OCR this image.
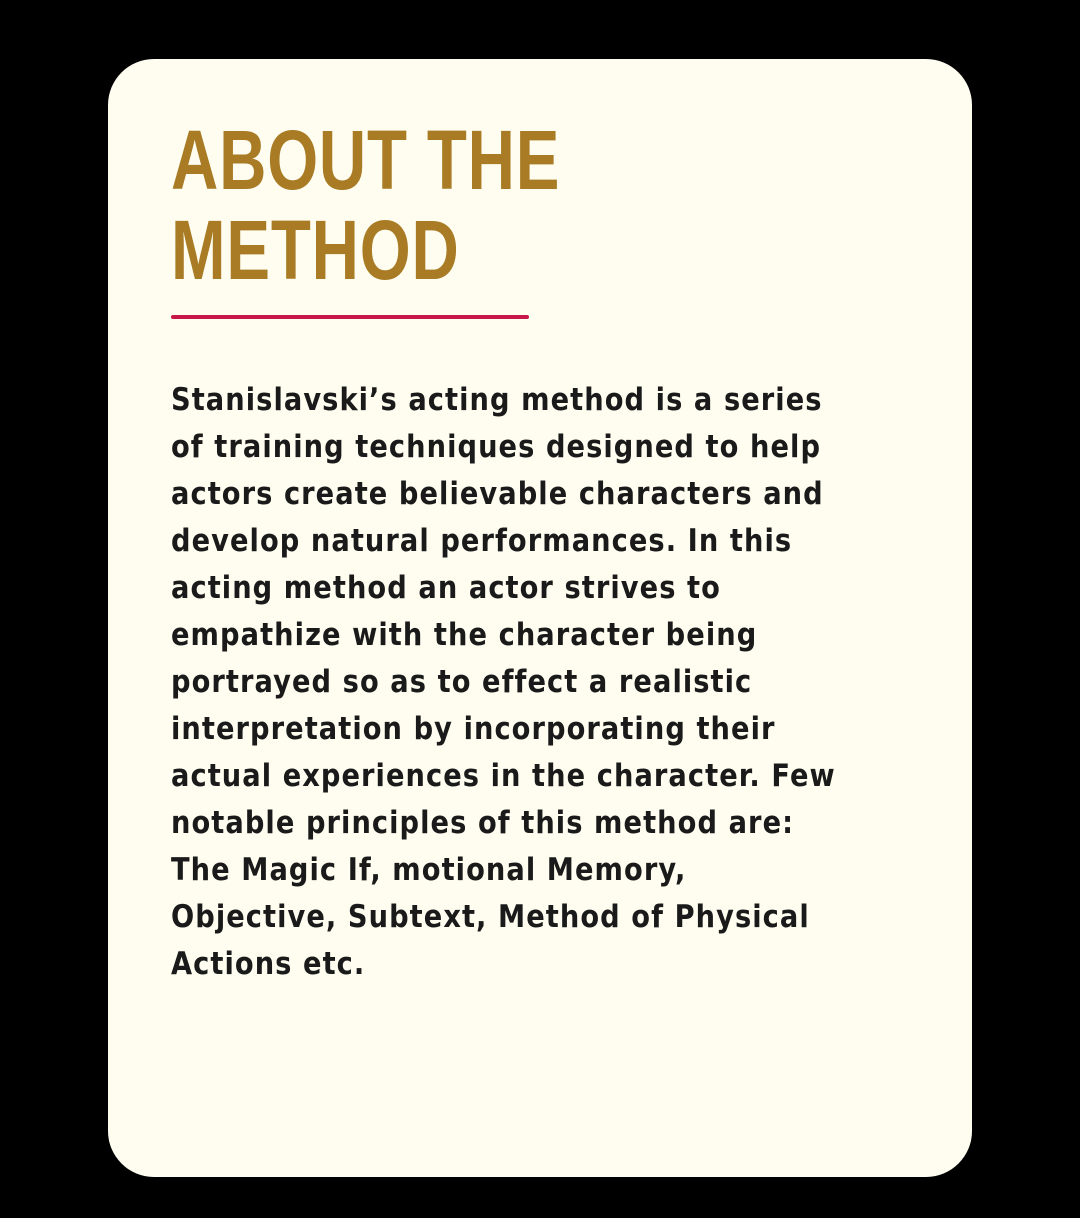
ABOUT THE
METHOD

Stanislavski’s acting method is a series
of training techniques designed to help
actors create believable characters and
develop natural performances. In this
acting method an actor strives to
empathize with the character being
portrayed so as to effect a realistic
interpretation by incorporating their
actual experiences in the character. Few
notable principles of this method are:
The Magic If, motional Memory,
Objective, Subtext, Method of Physical
Actions etc.
